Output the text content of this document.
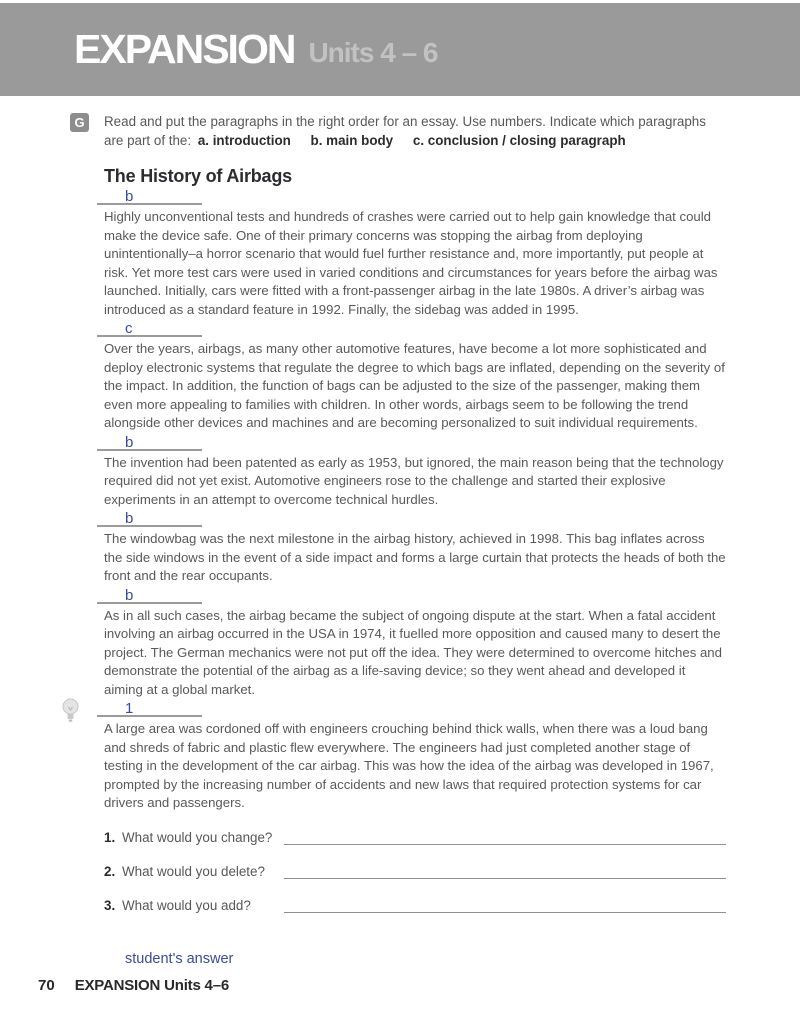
EXPANSION Units 4 – 6
G	Read and put the paragraphs in the right order for an essay. Use numbers. Indicate which paragraphs are part of the: a. introduction b. main body c. conclusion / closing paragraph

The History of Airbags
b

Highly unconventional tests and hundreds of crashes were carried out to help gain knowledge that could make the device safe. One of their primary concerns was stopping the airbag from deploying unintentionally–a horror scenario that would fuel further resistance and, more importantly, put people at risk. Yet more test cars were used in varied conditions and circumstances for years before the airbag was launched. Initially, cars were fitted with a front-passenger airbag in the late 1980s. A driver’s airbag was introduced as a standard feature in 1992. Finally, the sidebag was added in 1995.

c

Over the years, airbags, as many other automotive features, have become a lot more sophisticated and deploy electronic systems that regulate the degree to which bags are inflated, depending on the severity of the impact. In addition, the function of bags can be adjusted to the size of the passenger, making them even more appealing to families with children. In other words, airbags seem to be following the trend alongside other devices and machines and are becoming personalized to suit individual requirements.

b

The invention had been patented as early as 1953, but ignored, the main reason being that the technology required did not yet exist. Automotive engineers rose to the challenge and started their explosive experiments in an attempt to overcome technical hurdles.

b

The windowbag was the next milestone in the airbag history, achieved in 1998. This bag inflates across the side windows in the event of a side impact and forms a large curtain that protects the heads of both the front and the rear occupants.

b

As in all such cases, the airbag became the subject of ongoing dispute at the start. When a fatal accident involving an airbag occurred in the USA in 1974, it fuelled more opposition and caused many to desert the project. The German mechanics were not put off the idea. They were determined to overcome hitches and demonstrate the potential of the airbag as a life-saving device; so they went ahead and developed it aiming at a global market.

1

A large area was cordoned off with engineers crouching behind thick walls, when there was a loud bang and shreds of fabric and plastic flew everywhere. The engineers had just completed another stage of testing in the development of the car airbag. This was how the idea of the airbag was developed in 1967, prompted by the increasing number of accidents and new laws that required protection systems for car drivers and passengers.

1. What would you change?
2. What would you delete?
3. What would you add?
student's answer
70 EXPANSION Units 4–6
